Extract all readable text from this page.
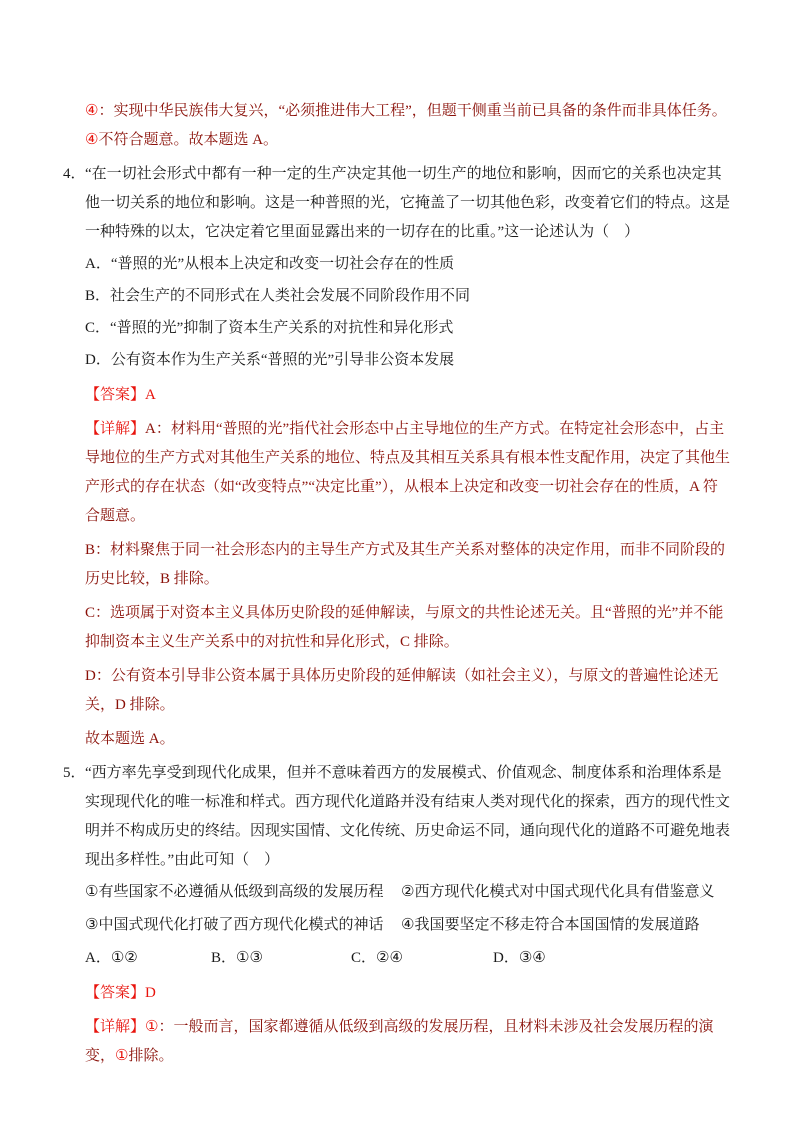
④：实现中华民族伟大复兴，“必须推进伟大工程”，但题干侧重当前已具备的条件而非具体任务。④不符合题意。故本题选 A。

4．“在一切社会形式中都有一种一定的生产决定其他一切生产的地位和影响，因而它的关系也决定其他一切关系的地位和影响。这是一种普照的光，它掩盖了一切其他色彩，改变着它们的特点。这是一种特殊的以太，它决定着它里面显露出来的一切存在的比重。”这一论述认为（　）

A．“普照的光”从根本上决定和改变一切社会存在的性质

B．社会生产的不同形式在人类社会发展不同阶段作用不同

C．“普照的光”抑制了资本生产关系的对抗性和异化形式

D．公有资本作为生产关系“普照的光”引导非公资本发展

【答案】A

【详解】A：材料用“普照的光”指代社会形态中占主导地位的生产方式。在特定社会形态中，占主导地位的生产方式对其他生产关系的地位、特点及其相互关系具有根本性支配作用，决定了其他生产形式的存在状态（如“改变特点”“决定比重”），从根本上决定和改变一切社会存在的性质，A 符合题意。

B：材料聚焦于同一社会形态内的主导生产方式及其生产关系对整体的决定作用，而非不同阶段的历史比较，B 排除。

C：选项属于对资本主义具体历史阶段的延伸解读，与原文的共性论述无关。且“普照的光”并不能抑制资本主义生产关系中的对抗性和异化形式，C 排除。

D：公有资本引导非公资本属于具体历史阶段的延伸解读（如社会主义），与原文的普遍性论述无关，D 排除。

故本题选 A。

5．“西方率先享受到现代化成果，但并不意味着西方的发展模式、价值观念、制度体系和治理体系是实现现代化的唯一标准和样式。西方现代化道路并没有结束人类对现代化的探索，西方的现代性文明并不构成历史的终结。因现实国情、文化传统、历史命运不同，通向现代化的道路不可避免地表现出多样性。”由此可知（　）

①有些国家不必遵循从低级到高级的发展历程 ②西方现代化模式对中国式现代化具有借鉴意义

③中国式现代化打破了西方现代化模式的神话 ④我国要坚定不移走符合本国国情的发展道路

A．①②	B．①③	C．②④	D．③④

【答案】D

【详解】①：一般而言，国家都遵循从低级到高级的发展历程，且材料未涉及社会发展历程的演变，①排除。
